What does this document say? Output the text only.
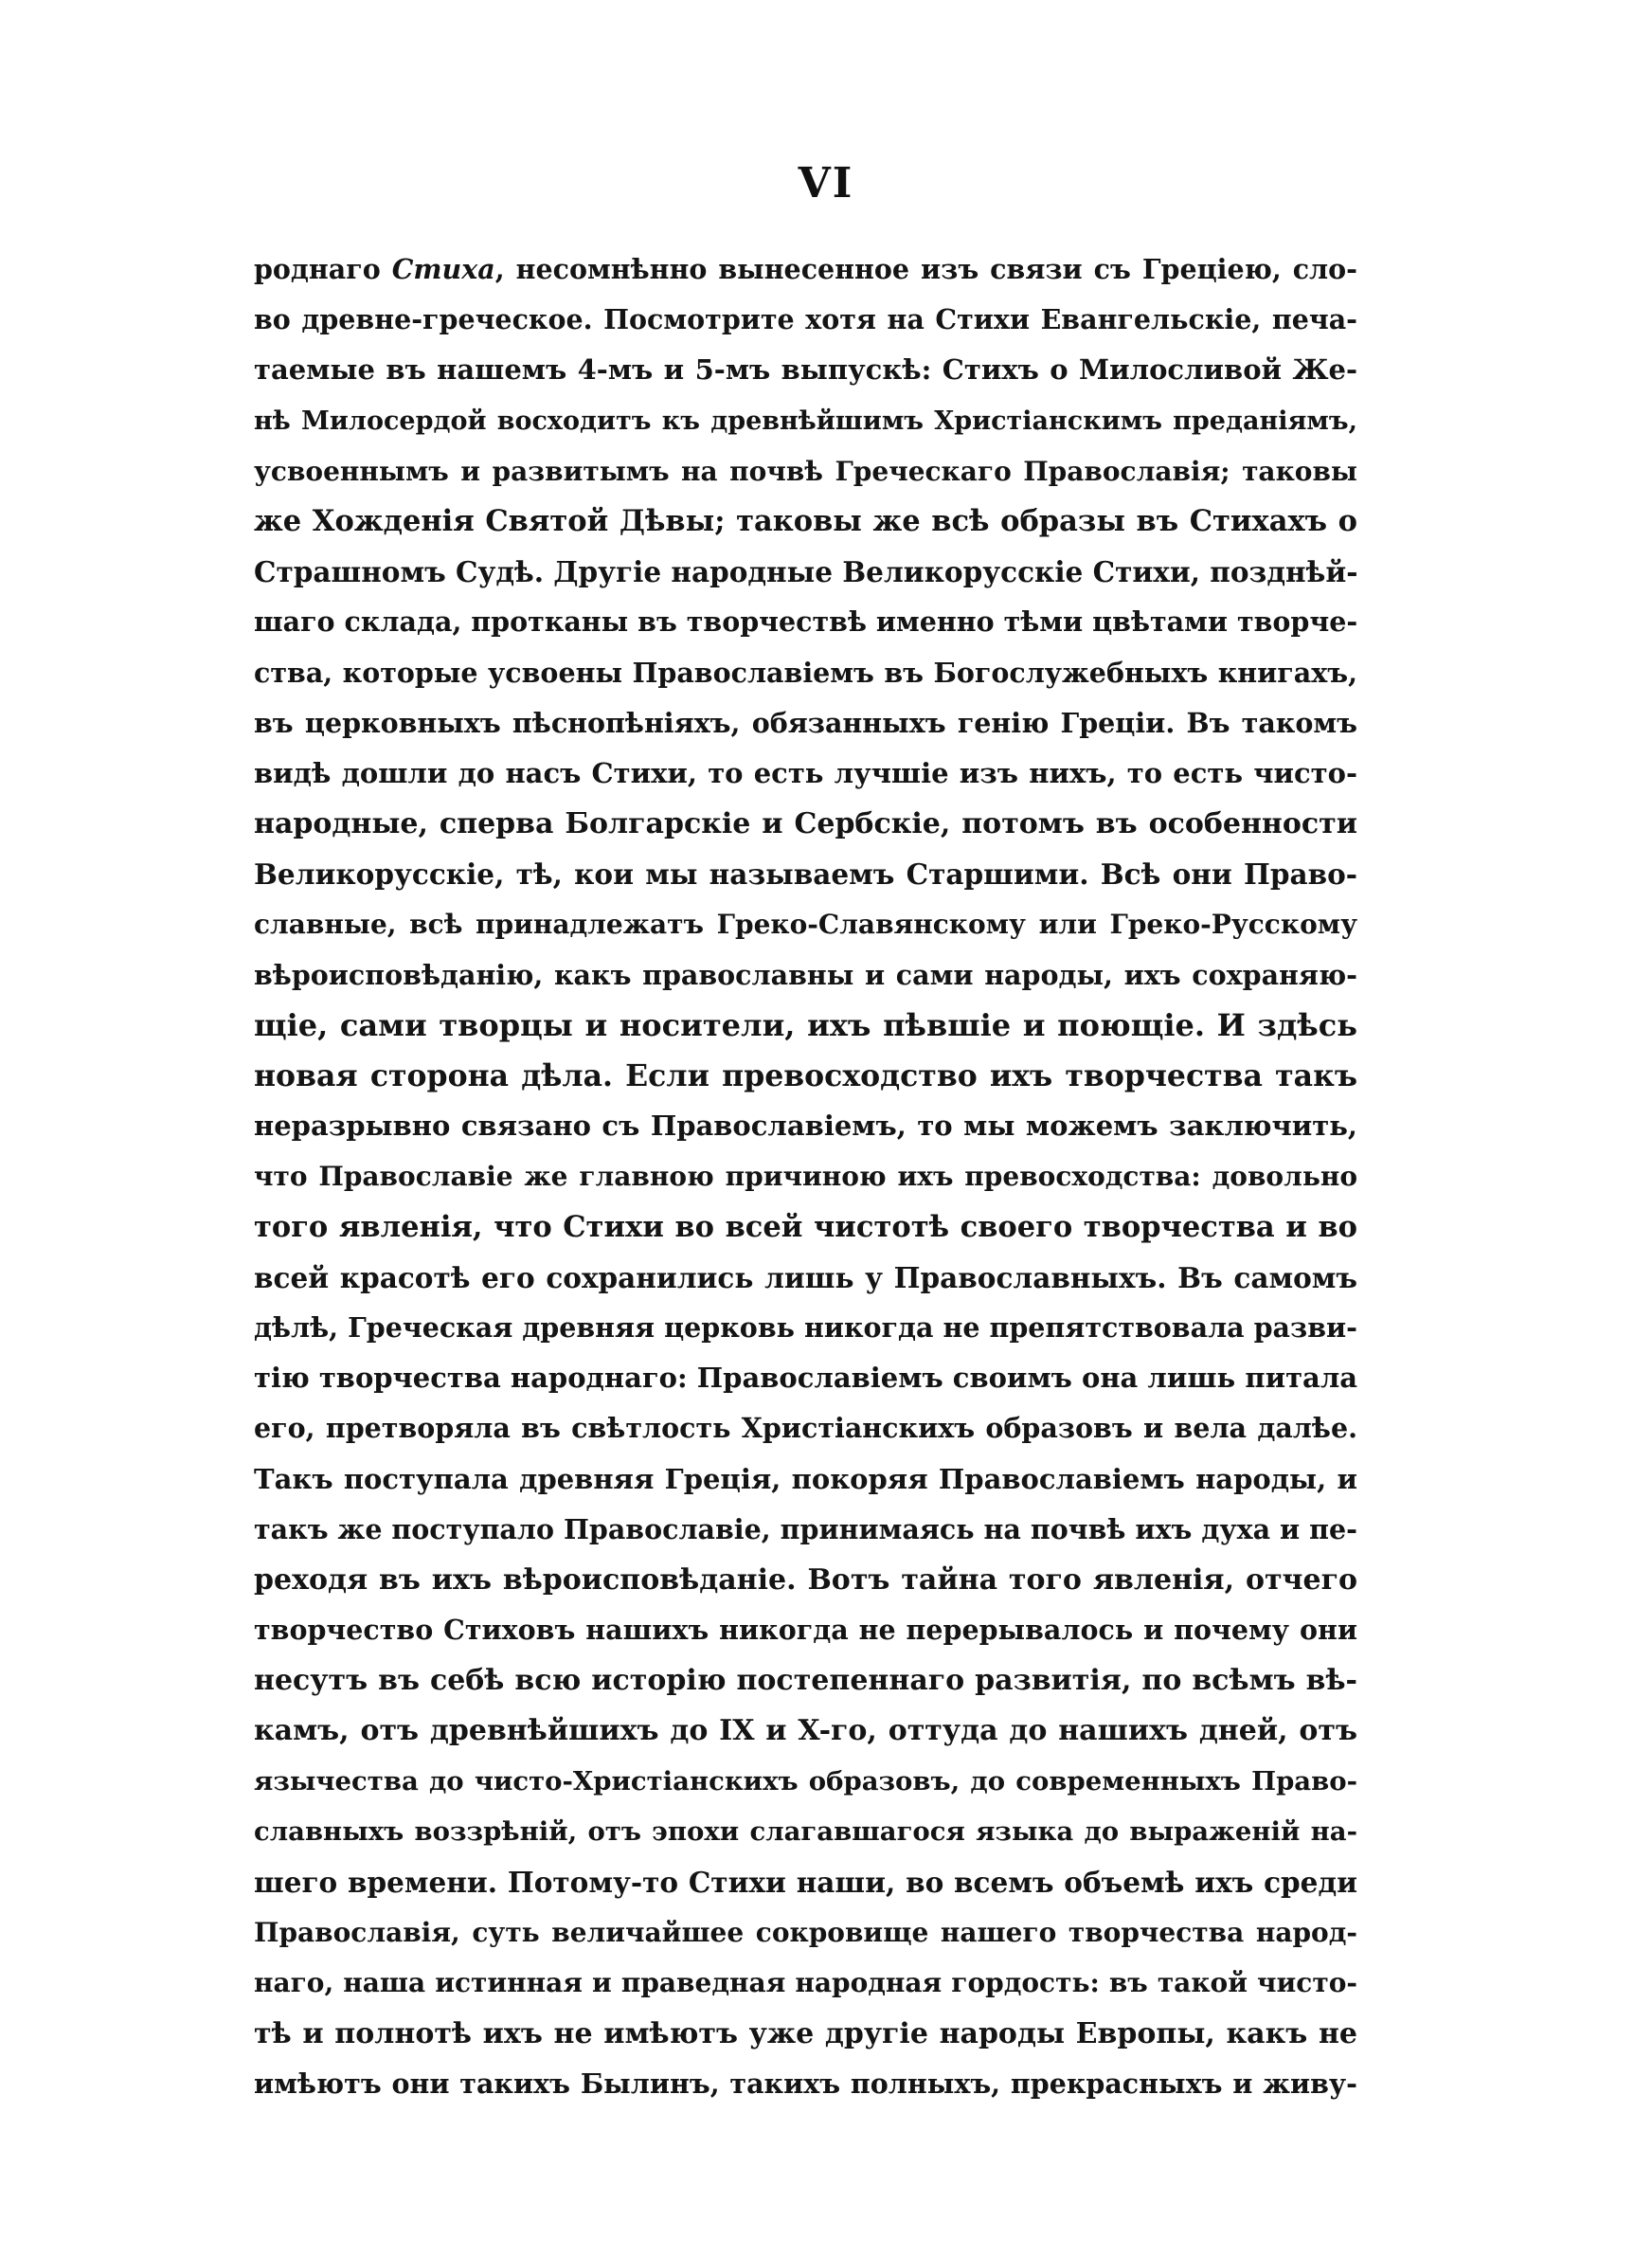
VI
роднаго Стиха, несомнѣнно вынесенное изъ связи съ Греціею, сло-
во древне-греческое. Посмотрите хотя на Стихи Евангельскіе, печа-
таемые въ нашемъ 4-мъ и 5-мъ выпускѣ: Стихъ о Милосливой Же-
нѣ Милосердой восходитъ къ древнѣйшимъ Христіанскимъ преданіямъ,
усвоеннымъ и развитымъ на почвѣ Греческаго Православія; таковы
же Хожденія Святой Дѣвы; таковы же всѣ образы въ Стихахъ о
Страшномъ Судѣ. Другіе народные Великорусскіе Стихи, позднѣй-
шаго склада, протканы въ творчествѣ именно тѣми цвѣтами творче-
ства, которые усвоены Православіемъ въ Богослужебныхъ книгахъ,
въ церковныхъ пѣснопѣніяхъ, обязанныхъ генію Греціи. Въ такомъ
видѣ дошли до насъ Стихи, то есть лучшіе изъ нихъ, то есть чисто-
народные, сперва Болгарскіе и Сербскіе, потомъ въ особенности
Великорусскіе, тѣ, кои мы называемъ Старшими. Всѣ они Право-
славные, всѣ принадлежатъ Греко-Славянскому или Греко-Русскому
вѣроисповѣданію, какъ православны и сами народы, ихъ сохраняю-
щіе, сами творцы и носители, ихъ пѣвшіе и поющіе. И здѣсь
новая сторона дѣла. Если превосходство ихъ творчества такъ
неразрывно связано съ Православіемъ, то мы можемъ заключить,
что Православіе же главною причиною ихъ превосходства: довольно
того явленія, что Стихи во всей чистотѣ своего творчества и во
всей красотѣ его сохранились лишь у Православныхъ. Въ самомъ
дѣлѣ, Греческая древняя церковь никогда не препятствовала разви-
тію творчества народнаго: Православіемъ своимъ она лишь питала
его, претворяла въ свѣтлость Христіанскихъ образовъ и вела далѣе.
Такъ поступала древняя Греція, покоряя Православіемъ народы, и
такъ же поступало Православіе, принимаясь на почвѣ ихъ духа и пе-
реходя въ ихъ вѣроисповѣданіе. Вотъ тайна того явленія, отчего
творчество Стиховъ нашихъ никогда не перерывалось и почему они
несутъ въ себѣ всю исторію постепеннаго развитія, по всѣмъ вѣ-
камъ, отъ древнѣйшихъ до IX и X-го, оттуда до нашихъ дней, отъ
язычества до чисто-Христіанскихъ образовъ, до современныхъ Право-
славныхъ воззрѣній, отъ эпохи слагавшагося языка до выраженій на-
шего времени. Потому-то Стихи наши, во всемъ объемѣ ихъ среди
Православія, суть величайшее сокровище нашего творчества народ-
наго, наша истинная и праведная народная гордость: въ такой чисто-
тѣ и полнотѣ ихъ не имѣютъ уже другіе народы Европы, какъ не
имѣютъ они такихъ Былинъ, такихъ полныхъ, прекрасныхъ и живу-
